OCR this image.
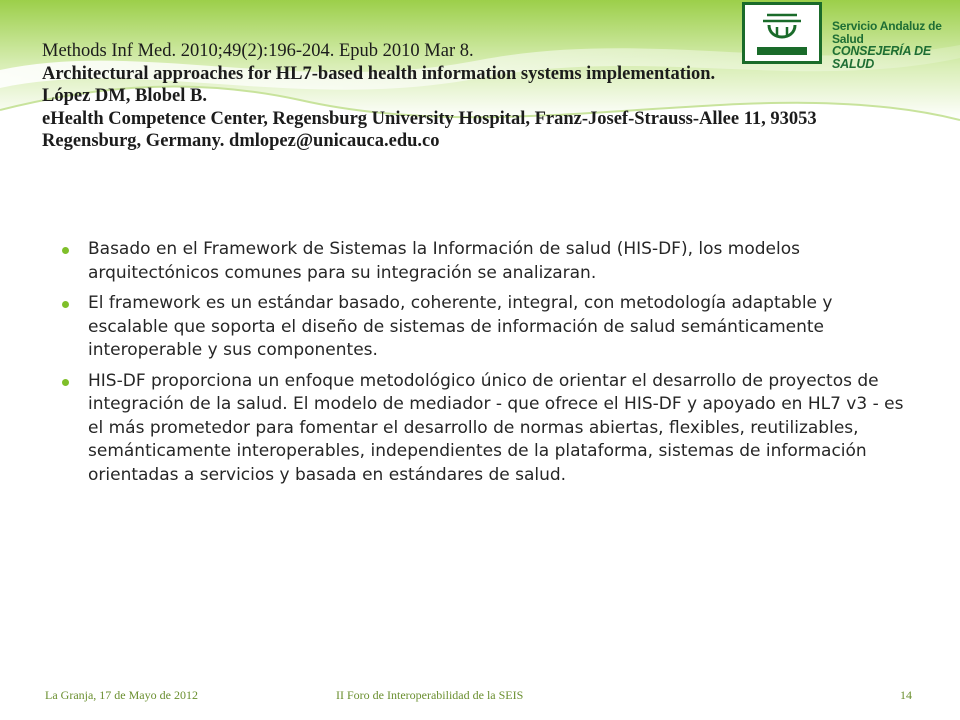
Servicio Andaluz de Salud
CONSEJERÍA DE SALUD
Methods Inf Med. 2010;49(2):196-204. Epub 2010 Mar 8.
Architectural approaches for HL7-based health information systems implementation.
López DM, Blobel B.
eHealth Competence Center, Regensburg University Hospital, Franz-Josef-Strauss-Allee 11, 93053
Regensburg, Germany. dmlopez@unicauca.edu.co
Basado en el Framework de Sistemas la Información de salud (HIS-DF), los modelos arquitectónicos comunes para su integración se analizaran.
El framework es un estándar basado, coherente, integral, con metodología adaptable y escalable que soporta el diseño de sistemas de información de salud semánticamente interoperable y sus componentes.
HIS-DF proporciona un enfoque metodológico único de orientar el desarrollo de proyectos de integración de la salud. El modelo de mediador - que ofrece el HIS-DF y apoyado en HL7 v3 - es el más prometedor para fomentar el desarrollo de normas abiertas, flexibles, reutilizables, semánticamente interoperables, independientes de la plataforma, sistemas de información orientadas a servicios y basada en estándares de salud.
La Granja, 17 de Mayo de 2012	II Foro de Interoperabilidad de la SEIS	14
